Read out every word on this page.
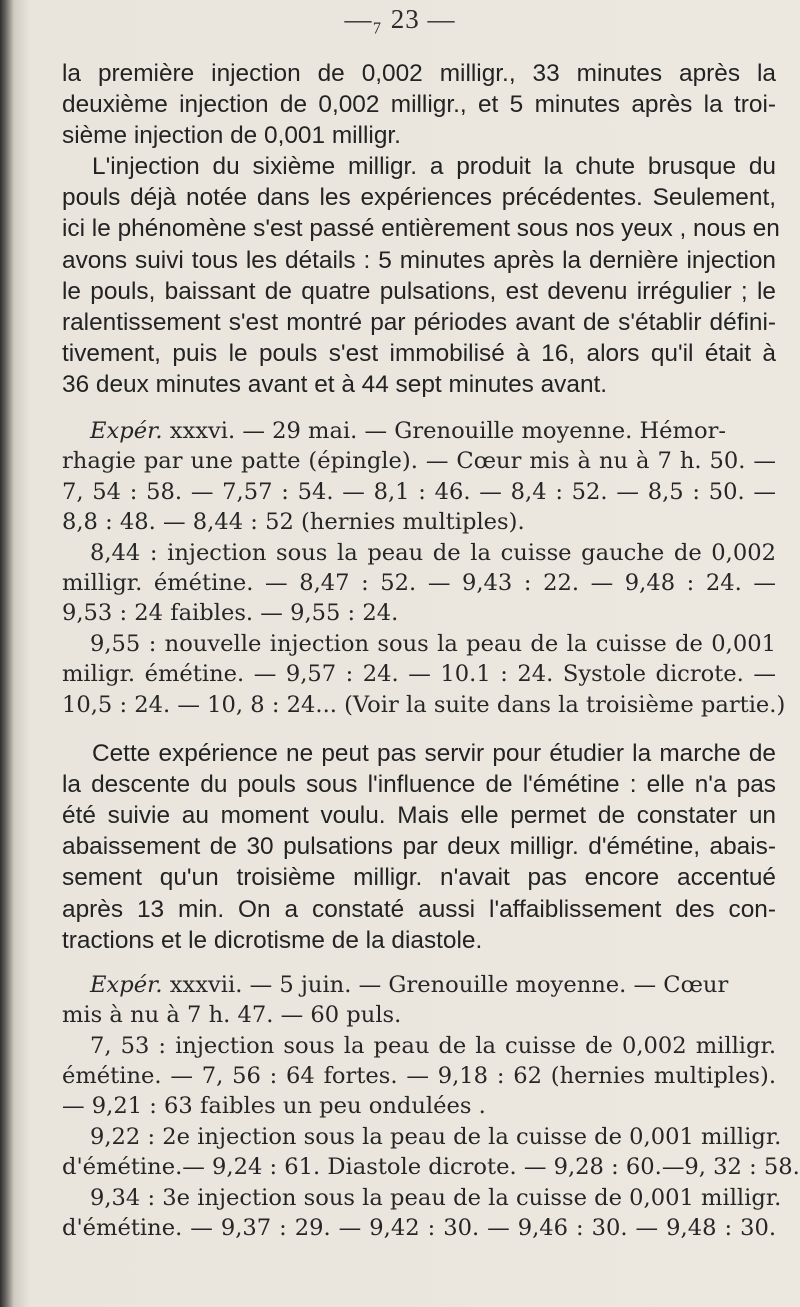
—₇ 23 —

la première injection de 0,002 milligr., 33 minutes après la
deuxième injection de 0,002 milligr., et 5 minutes après la troi-
sième injection de 0,001 milligr.

L'injection du sixième milligr. a produit la chute brusque du
pouls déjà notée dans les expériences précédentes. Seulement,
ici le phénomène s'est passé entièrement sous nos yeux , nous en
avons suivi tous les détails : 5 minutes après la dernière injection
le pouls, baissant de quatre pulsations, est devenu irrégulier ; le
ralentissement s'est montré par périodes avant de s'établir défini-
tivement, puis le pouls s'est immobilisé à 16, alors qu'il était à
36 deux minutes avant et à 44 sept minutes avant.

Expér. xxxvi. — 29 mai. — Grenouille moyenne. Hémor-

rhagie par une patte (épingle). — Cœur mis à nu à 7 h. 50. —
7, 54 : 58. — 7,57 : 54. — 8,1 : 46. — 8,4 : 52. — 8,5 : 50. —
8,8 : 48. — 8,44 : 52 (hernies multiples).
8,44 : injection sous la peau de la cuisse gauche de 0,002
milligr. émétine. — 8,47 : 52. — 9,43 : 22. — 9,48 : 24. —
9,53 : 24 faibles. — 9,55 : 24.
9,55 : nouvelle injection sous la peau de la cuisse de 0,001
miligr. émétine. — 9,57 : 24. — 10.1 : 24. Systole dicrote. —
10,5 : 24. — 10, 8 : 24... (Voir la suite dans la troisième partie.)

Cette expérience ne peut pas servir pour étudier la marche de
la descente du pouls sous l'influence de l'émétine : elle n'a pas
été suivie au moment voulu. Mais elle permet de constater un
abaissement de 30 pulsations par deux milligr. d'émétine, abais-
sement qu'un troisième milligr. n'avait pas encore accentué
après 13 min. On a constaté aussi l'affaiblissement des con-
tractions et le dicrotisme de la diastole.

Expér. xxxvii. — 5 juin. — Grenouille moyenne. — Cœur

mis à nu à 7 h. 47. — 60 puls.
7, 53 : injection sous la peau de la cuisse de 0,002 milligr.
émétine. — 7, 56 : 64 fortes. — 9,18 : 62 (hernies multiples).
— 9,21 : 63 faibles un peu ondulées .
9,22 : 2e injection sous la peau de la cuisse de 0,001 milligr.
d'émétine.— 9,24 : 61. Diastole dicrote. — 9,28 : 60.—9, 32 : 58.
9,34 : 3e injection sous la peau de la cuisse de 0,001 milligr.
d'émétine. — 9,37 : 29. — 9,42 : 30. — 9,46 : 30. — 9,48 : 30.
